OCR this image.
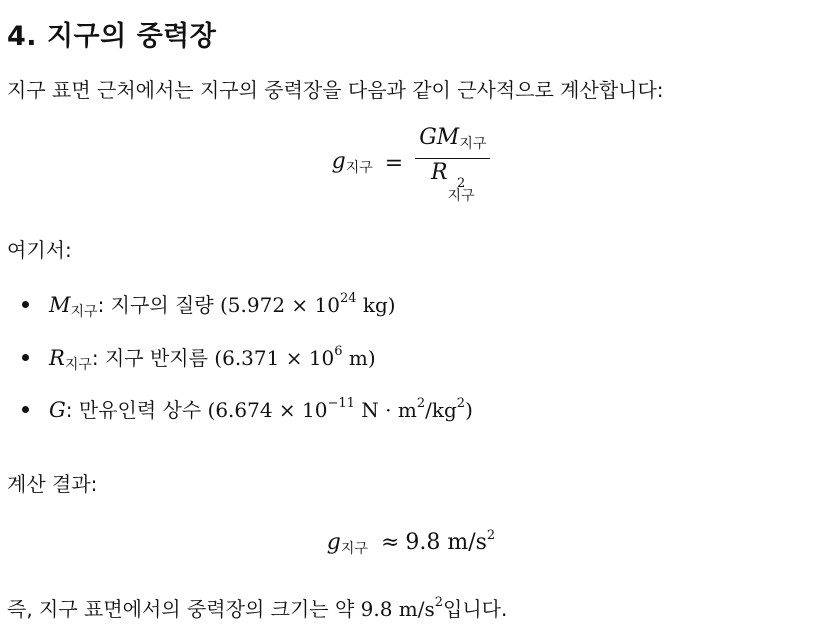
4. 지구의 중력장
지구 표면 근처에서는 지구의 중력장을 다음과 같이 근사적으로 계산합니다:
$g_{지구} = GM_{지구}$
R 2
지구
여기서:
$M_{지구}$: 지구의 질량 ($5.972 \times 10^{24}$ kg)
$R_{지구}$: 지구 반지름 ($6.371 \times 10^6$ m)
G: 만유인력 상수 ($6.674 \times 10^{-11}$ $N \cdot m^2/kg^2$)
계산 결과:
$g_{지구} \approx 9.8$ $m/s^2$
즉, 지구 표면에서의 중력장의 크기는 약 9.8 $m/s^2$입니다.
